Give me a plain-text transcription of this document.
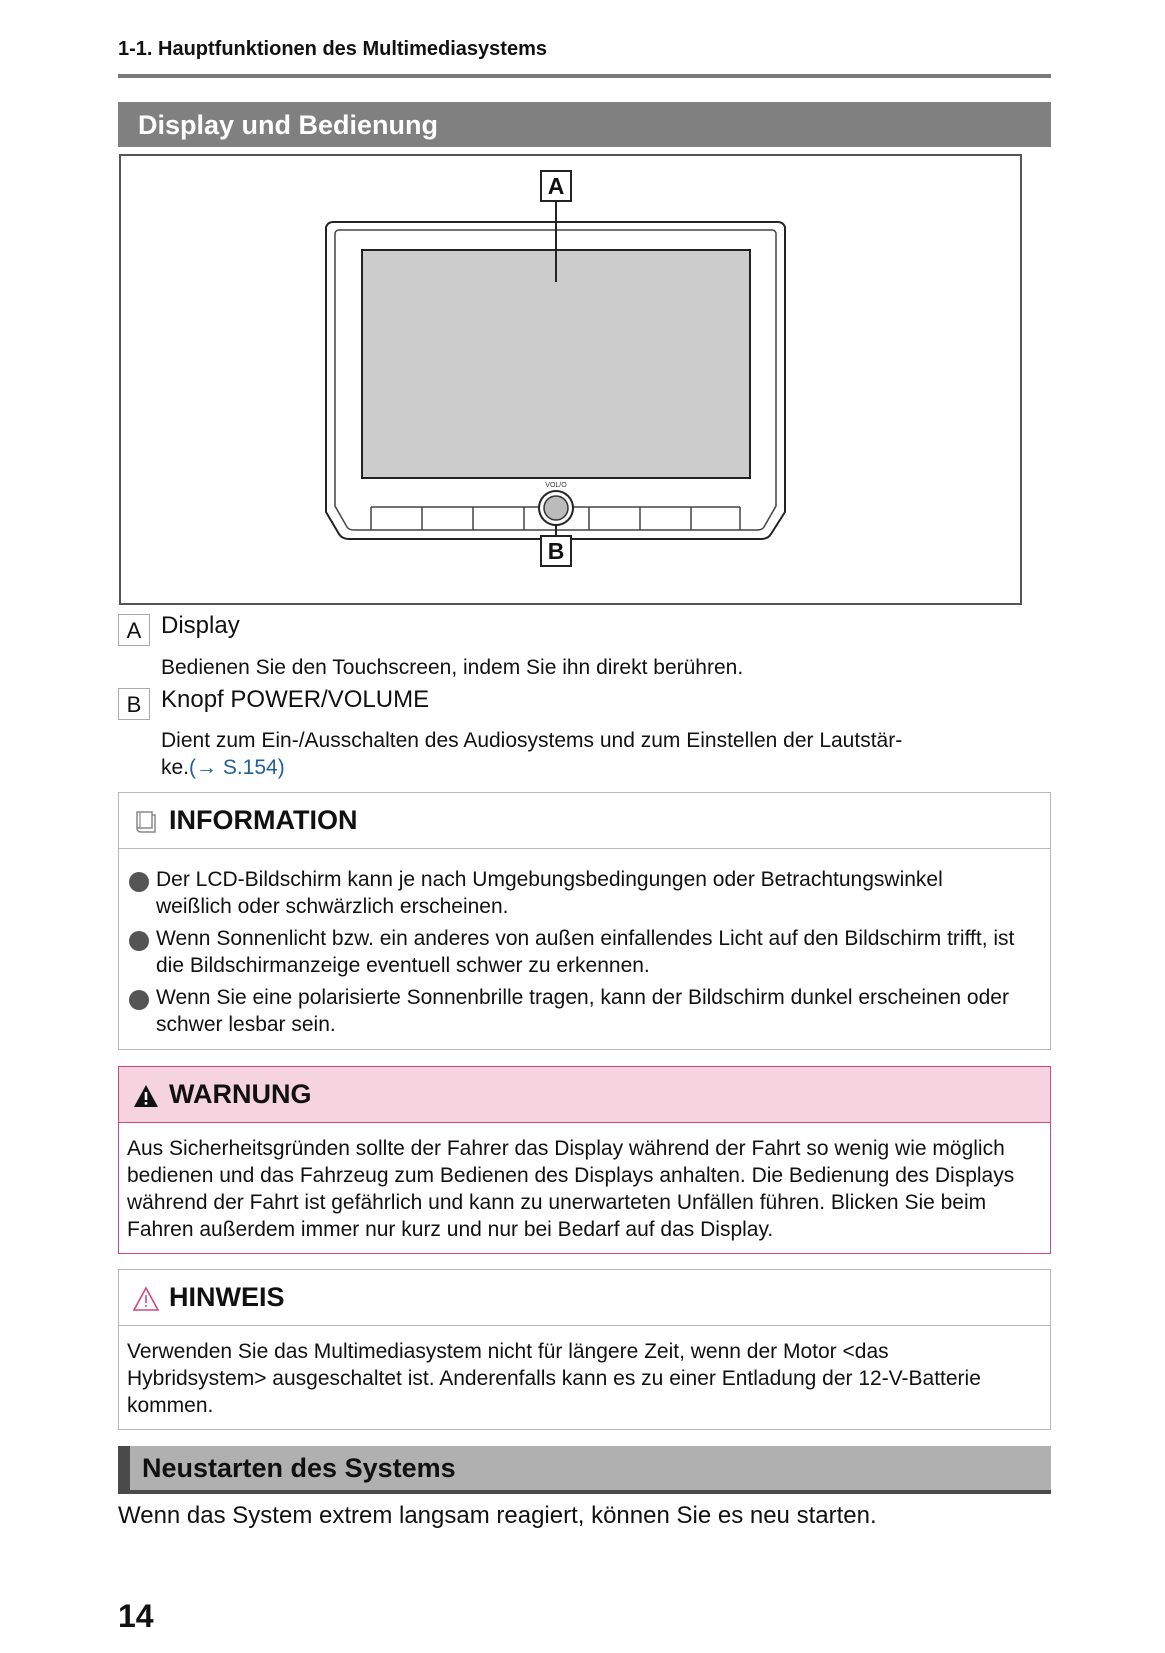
1-1. Hauptfunktionen des Multimediasystems
Display und Bedienung
VOL/O
A
B
A Display
Bedienen Sie den Touchscreen, indem Sie ihn direkt berühren.
B Knopf POWER/VOLUME
Dient zum Ein-/Ausschalten des Audiosystems und zum Einstellen der Lautstär-
ke.(→ S.154)
INFORMATION
Der LCD-Bildschirm kann je nach Umgebungsbedingungen oder Betrachtungswinkel weißlich oder schwärzlich erscheinen.
Wenn Sonnenlicht bzw. ein anderes von außen einfallendes Licht auf den Bildschirm trifft, ist die Bildschirmanzeige eventuell schwer zu erkennen.
Wenn Sie eine polarisierte Sonnenbrille tragen, kann der Bildschirm dunkel erscheinen oder schwer lesbar sein.
WARNUNG
Aus Sicherheitsgründen sollte der Fahrer das Display während der Fahrt so wenig wie möglich bedienen und das Fahrzeug zum Bedienen des Displays anhalten. Die Bedienung des Displays während der Fahrt ist gefährlich und kann zu unerwarteten Unfällen führen. Blicken Sie beim Fahren außerdem immer nur kurz und nur bei Bedarf auf das Display.
HINWEIS
Verwenden Sie das Multimediasystem nicht für längere Zeit, wenn der Motor <das Hybridsystem> ausgeschaltet ist. Anderenfalls kann es zu einer Entladung der 12-V-Batterie kommen.
Neustarten des Systems
Wenn das System extrem langsam reagiert, können Sie es neu starten.
14
